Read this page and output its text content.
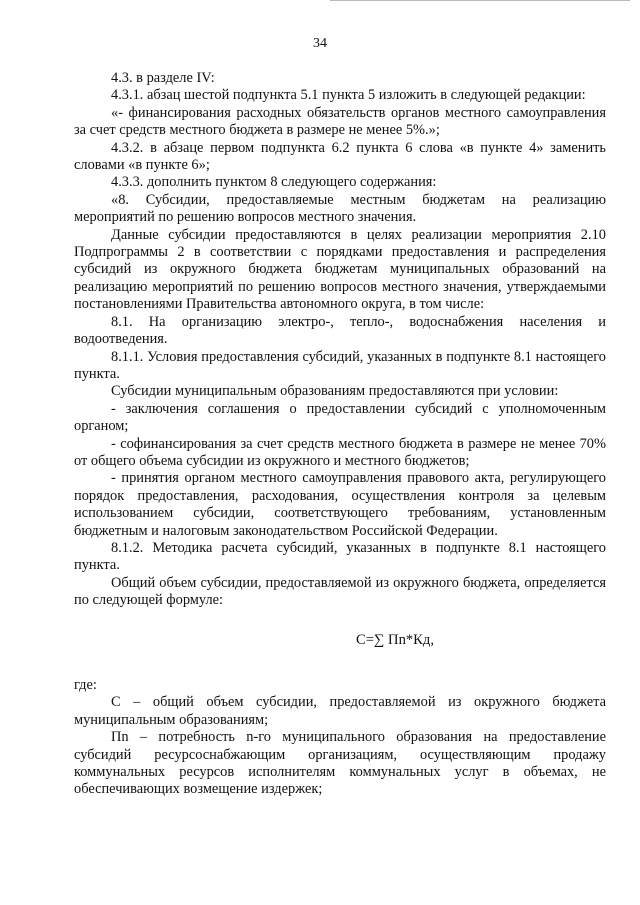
34

4.3. в разделе IV:

4.3.1. абзац шестой подпункта 5.1 пункта 5 изложить в следующей редакции:

«- финансирования расходных обязательств органов местного самоуправления за счет средств местного бюджета в размере не менее 5%.»;

4.3.2. в абзаце первом подпункта 6.2 пункта 6 слова «в пункте 4» заменить словами «в пункте 6»;

4.3.3. дополнить пунктом 8 следующего содержания:

«8. Субсидии, предоставляемые местным бюджетам на реализацию мероприятий по решению вопросов местного значения.

Данные субсидии предоставляются в целях реализации мероприятия 2.10 Подпрограммы 2 в соответствии с порядками предоставления и распределения субсидий из окружного бюджета бюджетам муниципальных образований на реализацию мероприятий по решению вопросов местного значения, утверждаемыми постановлениями Правительства автономного округа, в том числе:

8.1. На организацию электро-, тепло-, водоснабжения населения и водоотведения.

8.1.1. Условия предоставления субсидий, указанных в подпункте 8.1 настоящего пункта.

Субсидии муниципальным образованиям предоставляются при условии:

- заключения соглашения о предоставлении субсидий с уполномоченным органом;

- софинансирования за счет средств местного бюджета в размере не менее 70% от общего объема субсидии из окружного и местного бюджетов;

- принятия органом местного самоуправления правового акта, регулирующего порядок предоставления, расходования, осуществления контроля за целевым использованием субсидии, соответствующего требованиям, установленным бюджетным и налоговым законодательством Российской Федерации.

8.1.2. Методика расчета субсидий, указанных в подпункте 8.1 настоящего пункта.

Общий объем субсидии, предоставляемой из окружного бюджета, определяется по следующей формуле:

C=∑ Пn*Кд,

где:

C – общий объем субсидии, предоставляемой из окружного бюджета муниципальным образованиям;

Пn – потребность n-го муниципального образования на предоставление субсидий ресурсоснабжающим организациям, осуществляющим продажу коммунальных ресурсов исполнителям коммунальных услуг в объемах, не обеспечивающих возмещение издержек;
